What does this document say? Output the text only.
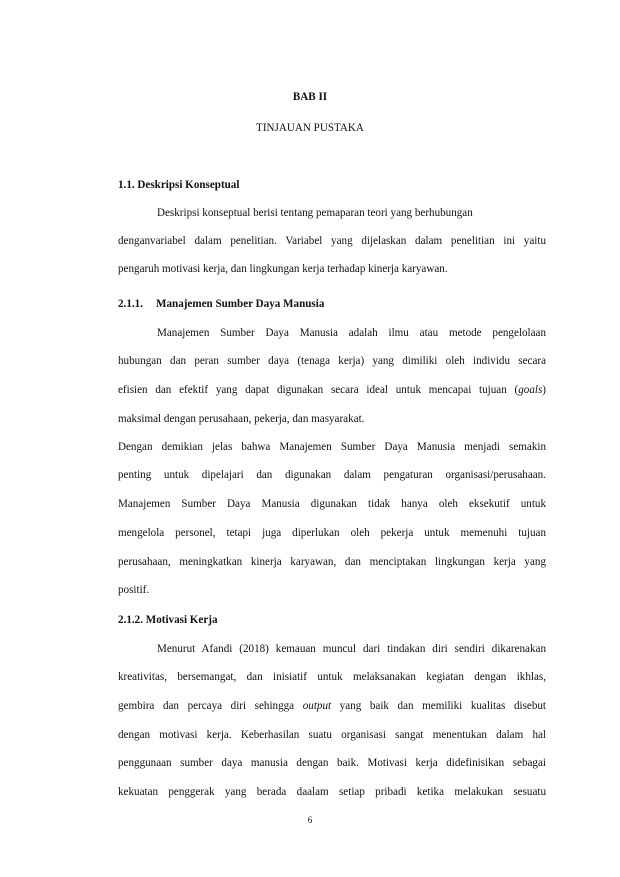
BAB II

TINJAUAN PUSTAKA

1.1. Deskripsi Konseptual

Deskripsi konseptual berisi tentang pemaparan teori yang berhubungan

denganvariabel dalam penelitian. Variabel yang dijelaskan dalam penelitian ini yaitu

pengaruh motivasi kerja, dan lingkungan kerja terhadap kinerja karyawan.

2.1.1. Manajemen Sumber Daya Manusia

Manajemen Sumber Daya Manusia adalah ilmu atau metode pengelolaan

hubungan dan peran sumber daya (tenaga kerja) yang dimiliki oleh individu secara

efisien dan efektif yang dapat digunakan secara ideal untuk mencapai tujuan (goals)

maksimal dengan perusahaan, pekerja, dan masyarakat.

Dengan demikian jelas bahwa Manajemen Sumber Daya Manusia menjadi semakin

penting untuk dipelajari dan digunakan dalam pengaturan organisasi/perusahaan.

Manajemen Sumber Daya Manusia digunakan tidak hanya oleh eksekutif untuk

mengelola personel, tetapi juga diperlukan oleh pekerja untuk memenuhi tujuan

perusahaan, meningkatkan kinerja karyawan, dan menciptakan lingkungan kerja yang

positif.

2.1.2. Motivasi Kerja

Menurut Afandi (2018) kemauan muncul dari tindakan diri sendiri dikarenakan

kreativitas, bersemangat, dan inisiatif untuk melaksanakan kegiatan dengan ikhlas,

gembira dan percaya diri sehingga output yang baik dan memiliki kualitas disebut

dengan motivasi kerja. Keberhasilan suatu organisasi sangat menentukan dalam hal

penggunaan sumber daya manusia dengan baik. Motivasi kerja didefinisikan sebagai

kekuatan penggerak yang berada daalam setiap pribadi ketika melakukan sesuatu

6
